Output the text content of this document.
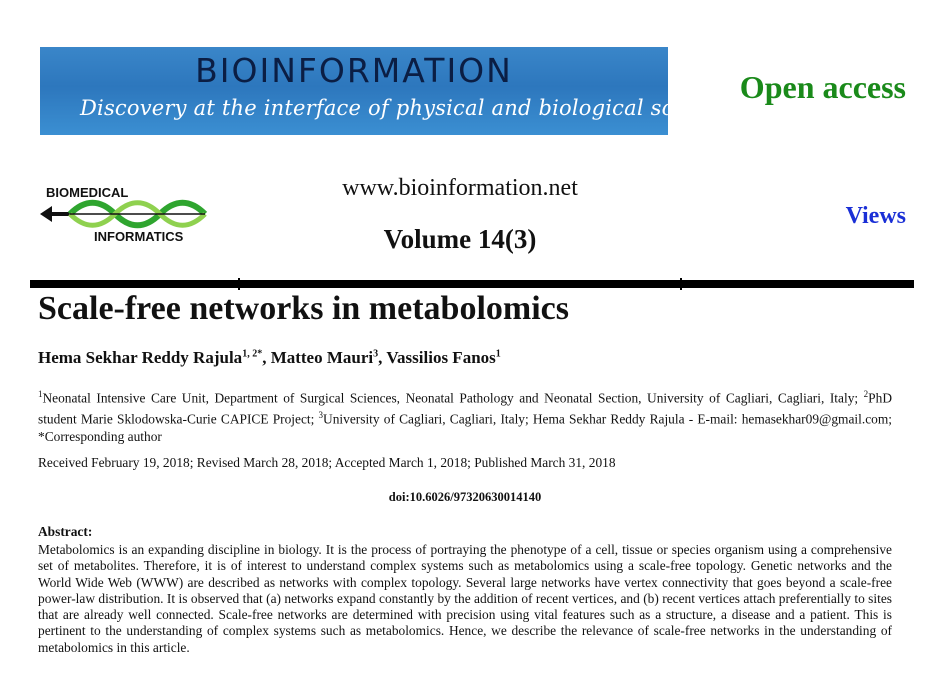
BIOINFORMATION
Discovery at the interface of physical and biological sciences
Open access
BIOMEDICAL
INFORMATICS
www.bioinformation.net
Volume 14(3)
Views
Scale-free networks in metabolomics
Hema Sekhar Reddy Rajula$^{1, 2*}$, Matteo Mauri$^3$, Vassilios Fanos$^1$
$^1$Neonatal Intensive Care Unit, Department of Surgical Sciences, Neonatal Pathology and Neonatal Section, University of Cagliari, Cagliari, Italy; $^2$PhD student Marie Sklodowska-Curie CAPICE Project; $^3$University of Cagliari, Cagliari, Italy; Hema Sekhar Reddy Rajula - E-mail: hemasekhar09@gmail.com; *Corresponding author
Received February 19, 2018; Revised March 28, 2018; Accepted March 1, 2018; Published March 31, 2018
doi:10.6026/97320630014140
Abstract:
Metabolomics is an expanding discipline in biology. It is the process of portraying the phenotype of a cell, tissue or species organism using a comprehensive set of metabolites. Therefore, it is of interest to understand complex systems such as metabolomics using a scale-free topology. Genetic networks and the World Wide Web (WWW) are described as networks with complex topology. Several large networks have vertex connectivity that goes beyond a scale-free power-law distribution. It is observed that (a) networks expand constantly by the addition of recent vertices, and (b) recent vertices attach preferentially to sites that are already well connected. Scale-free networks are determined with precision using vital features such as a structure, a disease and a patient. This is pertinent to the understanding of complex systems such as metabolomics. Hence, we describe the relevance of scale-free networks in the understanding of metabolomics in this article.
